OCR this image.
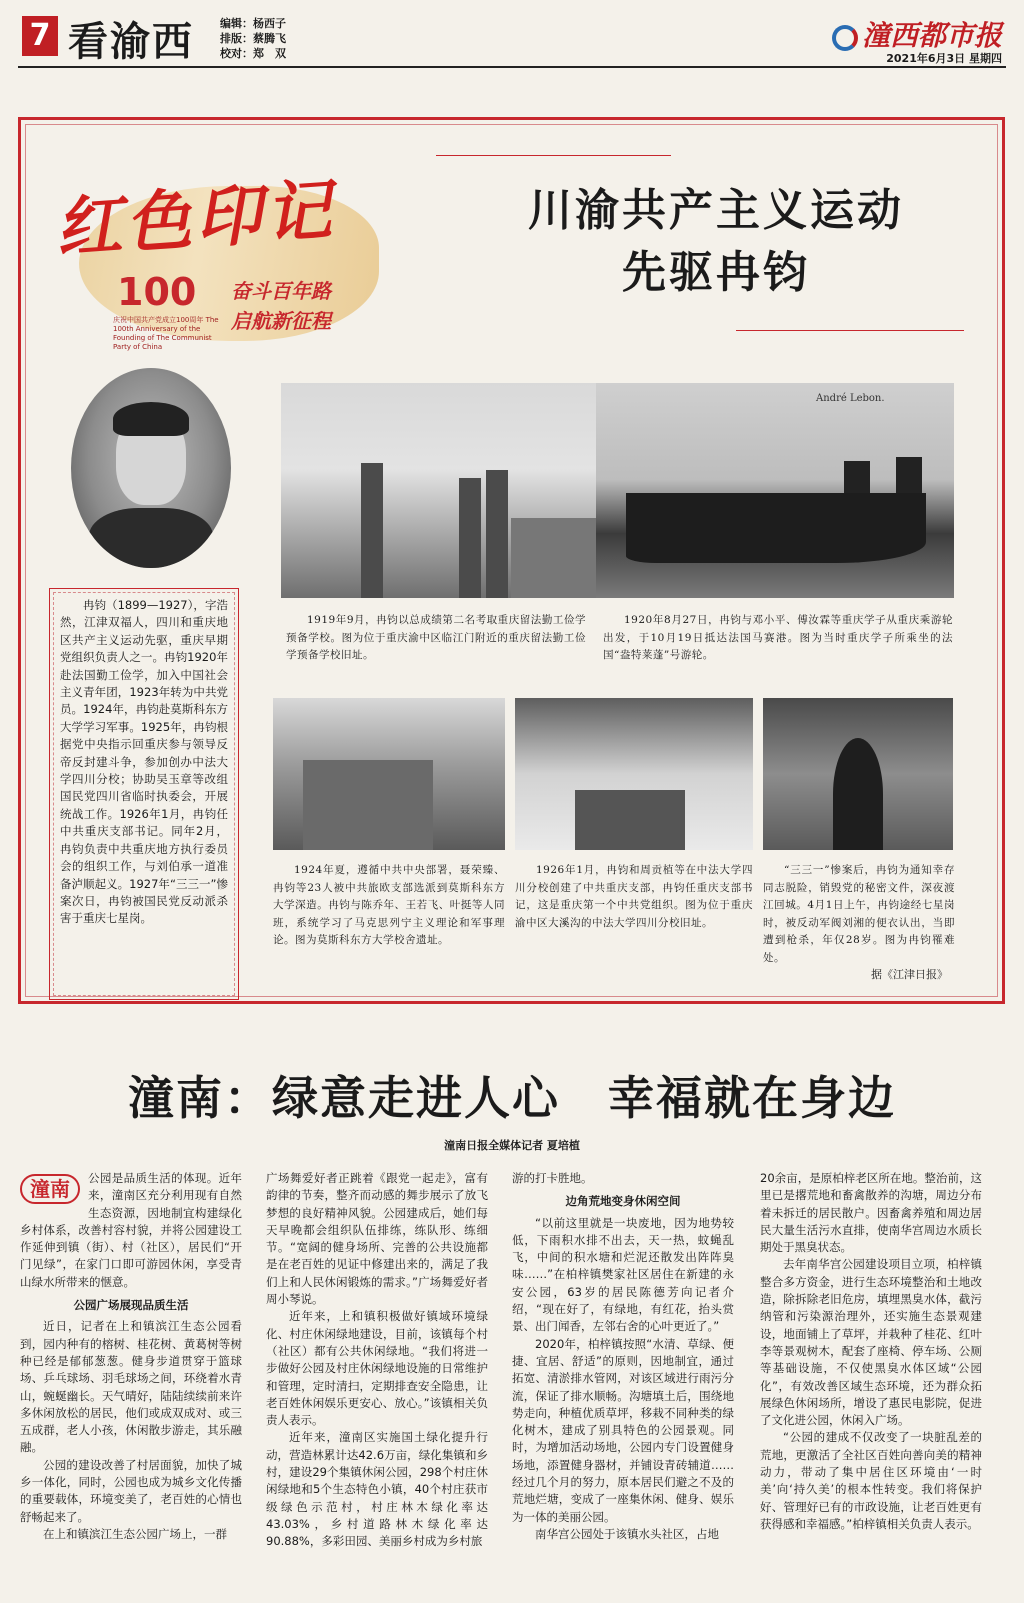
7 看渝西 编辑：杨西子
排版：蔡腾飞
校对：郑　双
潼西都市报
2021年6月3日 星期四
红色印记
100
庆祝中国共产党成立100周年 The 100th Anniversary of the Founding of The Communist Party of China
奋斗百年路
启航新征程
川渝共产主义运动
先驱冉钧
冉钧（1899—1927），字浩然，江津双福人，四川和重庆地区共产主义运动先驱，重庆早期党组织负责人之一。冉钧1920年赴法国勤工俭学，加入中国社会主义青年团，1923年转为中共党员。1924年，冉钧赴莫斯科东方大学学习军事。1925年，冉钧根据党中央指示回重庆参与领导反帝反封建斗争，参加创办中法大学四川分校；协助吴玉章等改组国民党四川省临时执委会，开展统战工作。1926年1月，冉钧任中共重庆支部书记。同年2月，冉钧负责中共重庆地方执行委员会的组织工作，与刘伯承一道准备泸顺起义。1927年“三三一”惨案次日，冉钧被国民党反动派杀害于重庆七星岗。
André Lebon.
1919年9月，冉钧以总成绩第二名考取重庆留法勤工俭学预备学校。图为位于重庆渝中区临江门附近的重庆留法勤工俭学预备学校旧址。
1920年8月27日，冉钧与邓小平、傅汝霖等重庆学子从重庆乘游轮出发，于10月19日抵达法国马赛港。图为当时重庆学子所乘坐的法国“盎特莱蓬”号游轮。
1924年夏，遵循中共中央部署，聂荣臻、冉钧等23人被中共旅欧支部选派到莫斯科东方大学深造。冉钧与陈乔年、王若飞、叶挺等人同班，系统学习了马克思列宁主义理论和军事理论。图为莫斯科东方大学校舍遗址。
1926年1月，冉钧和周贡植等在中法大学四川分校创建了中共重庆支部，冉钧任重庆支部书记，这是重庆第一个中共党组织。图为位于重庆渝中区大溪沟的中法大学四川分校旧址。
“三三一”惨案后，冉钧为通知幸存同志脱险，销毁党的秘密文件，深夜渡江回城。4月1日上午，冉钧途经七星岗时，被反动军阀刘湘的便衣认出，当即遭到枪杀，年仅28岁。图为冉钧罹难处。
据《江津日报》
潼南：绿意走进人心　幸福就在身边
潼南日报全媒体记者 夏培植
潼南	公园是品质生活的体现。近年来，潼南区充分利用现有自然生态资源，因地制宜构建绿化乡村体系，改善村容村貌，并将公园建设工作延伸到镇（街）、村（社区），居民们“开门见绿”，在家门口即可游园休闲，享受青山绿水所带来的惬意。

公园广场展现品质生活

近日，记者在上和镇滨江生态公园看到，园内种有的榕树、桂花树、黄葛树等树种已经是郁郁葱葱。健身步道贯穿于篮球场、乒乓球场、羽毛球场之间，环绕着水青山，蜿蜒幽长。天气晴好，陆陆续续前来许多休闲放松的居民，他们或成双成对、或三五成群，老人小孩，休闲散步游走，其乐融融。

公园的建设改善了村居面貌，加快了城乡一体化，同时，公园也成为城乡文化传播的重要载体，环境变美了，老百姓的心情也舒畅起来了。

在上和镇滨江生态公园广场上，一群

广场舞爱好者正跳着《跟党一起走》，富有韵律的节奏，整齐而动感的舞步展示了放飞梦想的良好精神风貌。公园建成后，她们每天早晚都会组织队伍排练，练队形、练细节。“宽阔的健身场所、完善的公共设施都是在老百姓的见证中修建出来的，满足了我们上和人民休闲锻炼的需求。”广场舞爱好者周小琴说。

近年来，上和镇积极做好镇域环境绿化、村庄休闲绿地建设，目前，该镇每个村（社区）都有公共休闲绿地。“我们将进一步做好公园及村庄休闲绿地设施的日常维护和管理，定时清扫，定期排查安全隐患，让老百姓休闲娱乐更安心、放心。”该镇相关负责人表示。

近年来，潼南区实施国土绿化提升行动，营造林累计达42.6万亩，绿化集镇和乡村，建设29个集镇休闲公园，298个村庄休闲绿地和5个生态特色小镇，40个村庄获市级绿色示范村，村庄林木绿化率达43.03%，乡村道路林木绿化率达90.88%，多彩田园、美丽乡村成为乡村旅

游的打卡胜地。

边角荒地变身休闲空间

“以前这里就是一块废地，因为地势较低，下雨积水排不出去，天一热，蚊蝇乱飞，中间的积水塘和烂泥还散发出阵阵臭味……”在柏梓镇樊家社区居住在新建的永安公园，63岁的居民陈德芳向记者介绍，“现在好了，有绿地，有红花，抬头赏景、出门闻香，左邻右舍的心叶更近了。”

2020年，柏梓镇按照“水清、草绿、便捷、宜居、舒适”的原则，因地制宜，通过拓宽、清淤排水管网，对该区域进行雨污分流，保证了排水顺畅。沟塘填土后，围绕地势走向，种植优质草坪，移栽不同种类的绿化树木，建成了别具特色的公园景观。同时，为增加活动场地，公园内专门设置健身场地，添置健身器材，并铺设青砖辅道……经过几个月的努力，原本居民们避之不及的荒地烂塘，变成了一座集休闲、健身、娱乐为一体的美丽公园。

南华宫公园处于该镇水头社区，占地

20余亩，是原柏梓老区所在地。整治前，这里已是撂荒地和畜禽散养的沟塘，周边分布着未拆迁的居民散户。因畜禽养殖和周边居民大量生活污水直排，使南华宫周边水质长期处于黑臭状态。

去年南华宫公园建设项目立项，柏梓镇整合多方资金，进行生态环境整治和土地改造，除拆除老旧危房，填埋黑臭水体，截污纳管和污染源治理外，还实施生态景观建设，地面铺上了草坪，并栽种了桂花、红叶李等景观树木，配套了座椅、停车场、公厕等基础设施，不仅使黑臭水体区域“公园化”，有效改善区域生态环境，还为群众拓展绿色休闲场所，增设了惠民电影院，促进了文化进公园，休闲入广场。

“公园的建成不仅改变了一块脏乱差的荒地，更激活了全社区百姓向善向美的精神动力，带动了集中居住区环境由‘一时美’向‘持久美’的根本性转变。我们将保护好、管理好已有的市政设施，让老百姓更有获得感和幸福感。”柏梓镇相关负责人表示。
